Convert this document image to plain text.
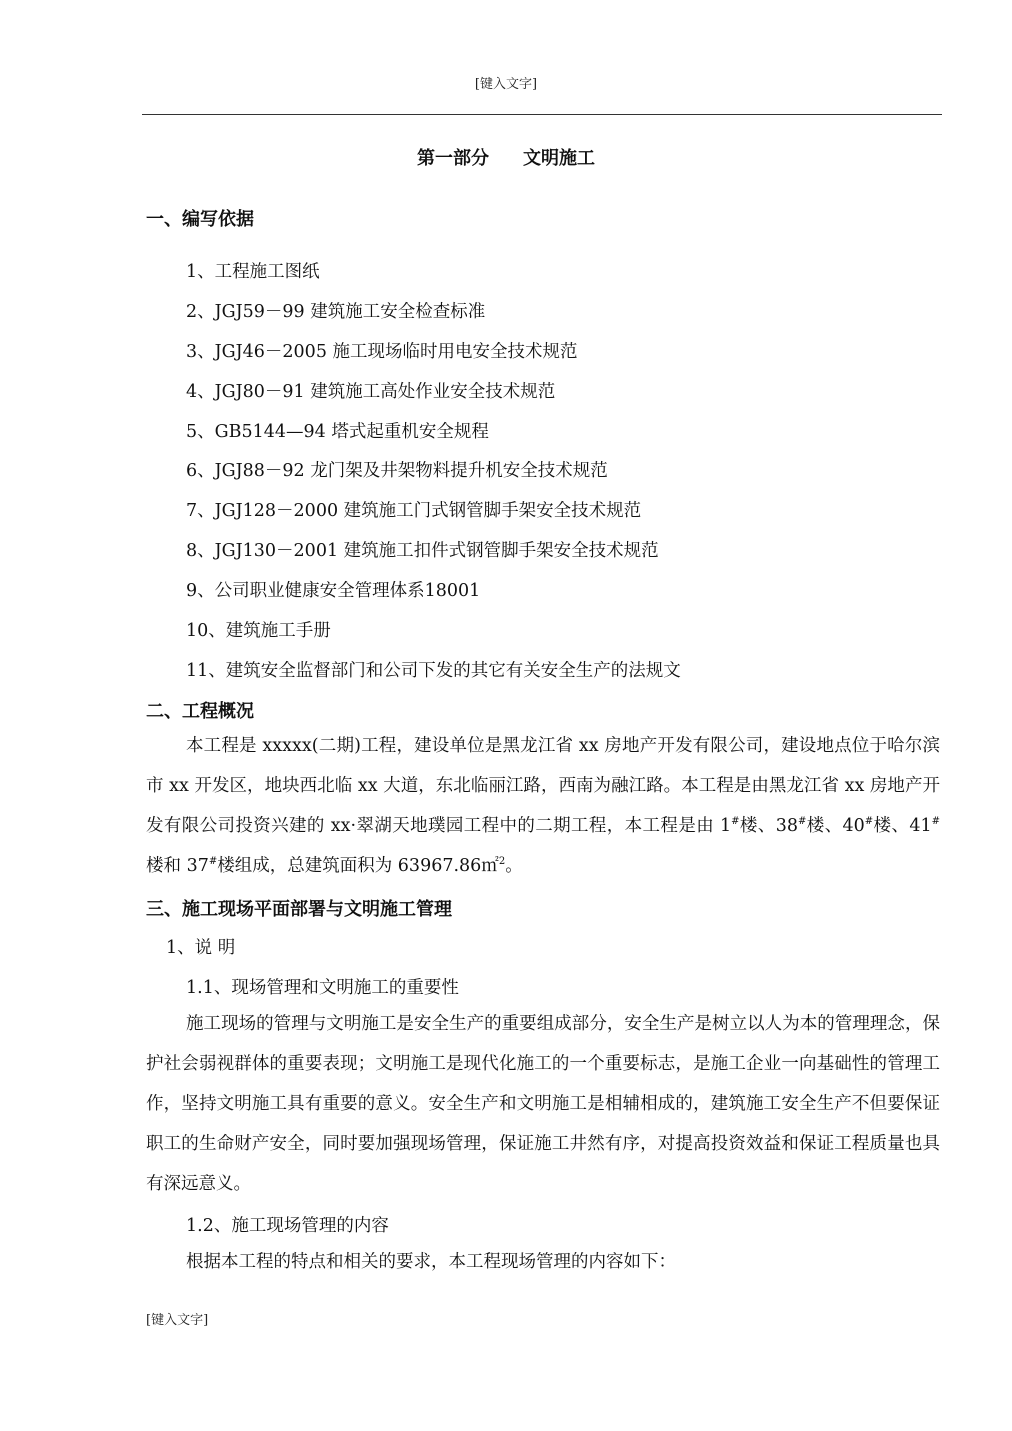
[键入文字]
第一部分 文明施工
一、编写依据
1、工程施工图纸
2、JGJ59－99 建筑施工安全检查标准
3、JGJ46－2005 施工现场临时用电安全技术规范
4、JGJ80－91 建筑施工高处作业安全技术规范
5、GB5144—94 塔式起重机安全规程
6、JGJ88－92 龙门架及井架物料提升机安全技术规范
7、JGJ128－2000 建筑施工门式钢管脚手架安全技术规范
8、JGJ130－2001 建筑施工扣件式钢管脚手架安全技术规范
9、公司职业健康安全管理体系18001
10、建筑施工手册
11、建筑安全监督部门和公司下发的其它有关安全生产的法规文
二、工程概况
本工程是 xxxxx(二期)工程，建设单位是黑龙江省 xx 房地产开发有限公司，建设地点位于哈尔滨市 xx 开发区，地块西北临 xx 大道，东北临丽江路，西南为融江路。本工程是由黑龙江省 xx 房地产开发有限公司投资兴建的 xx·翠湖天地璞园工程中的二期工程，本工程是由 1#楼、38#楼、40#楼、41#楼和 37#楼组成，总建筑面积为 63967.86㎡$^2$。
三、施工现场平面部署与文明施工管理
1、说 明
1.1、现场管理和文明施工的重要性
施工现场的管理与文明施工是安全生产的重要组成部分，安全生产是树立以人为本的管理理念，保护社会弱视群体的重要表现；文明施工是现代化施工的一个重要标志，是施工企业一向基础性的管理工作，坚持文明施工具有重要的意义。安全生产和文明施工是相辅相成的，建筑施工安全生产不但要保证职工的生命财产安全，同时要加强现场管理，保证施工井然有序，对提高投资效益和保证工程质量也具有深远意义。
1.2、施工现场管理的内容
根据本工程的特点和相关的要求，本工程现场管理的内容如下：
[键入文字]
